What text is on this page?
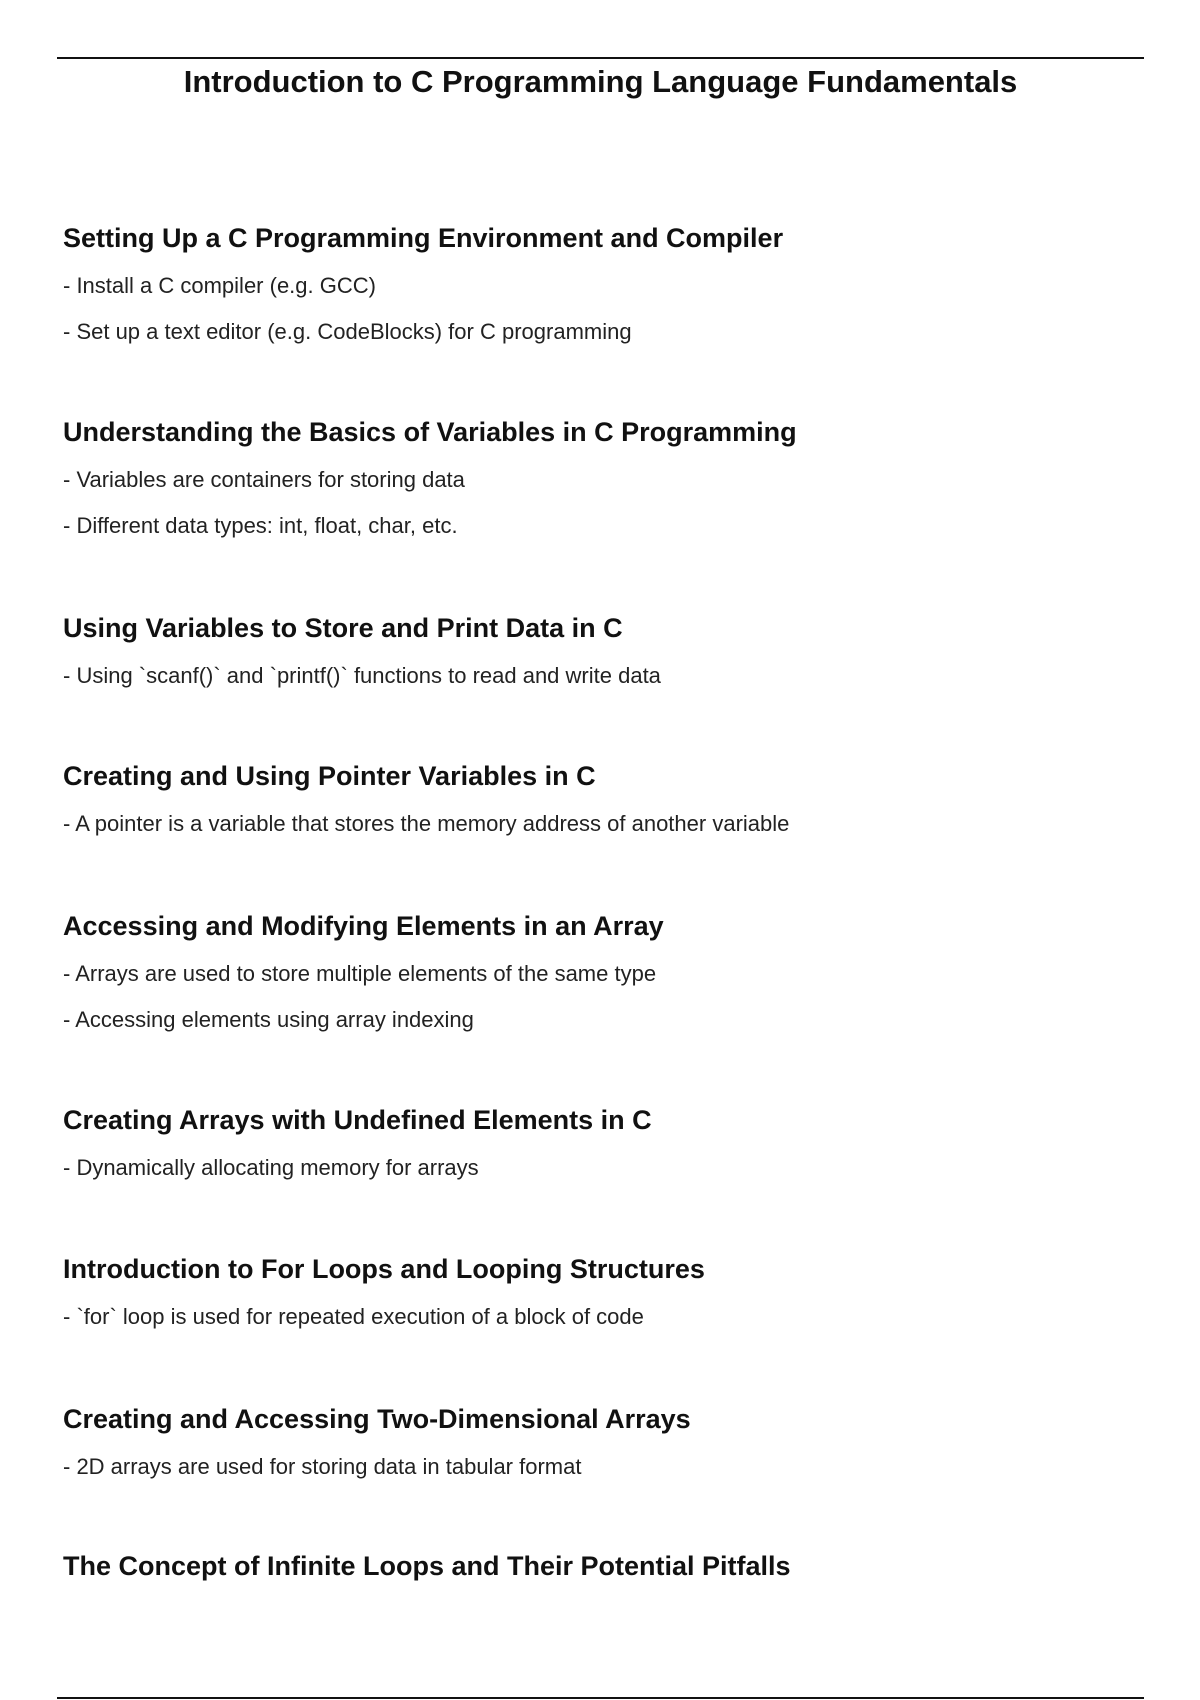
Introduction to C Programming Language Fundamentals
Setting Up a C Programming Environment and Compiler

- Install a C compiler (e.g. GCC)

- Set up a text editor (e.g. CodeBlocks) for C programming

Understanding the Basics of Variables in C Programming

- Variables are containers for storing data

- Different data types: int, float, char, etc.

Using Variables to Store and Print Data in C

- Using `scanf()` and `printf()` functions to read and write data

Creating and Using Pointer Variables in C

- A pointer is a variable that stores the memory address of another variable

Accessing and Modifying Elements in an Array

- Arrays are used to store multiple elements of the same type

- Accessing elements using array indexing

Creating Arrays with Undefined Elements in C

- Dynamically allocating memory for arrays

Introduction to For Loops and Looping Structures

- `for` loop is used for repeated execution of a block of code

Creating and Accessing Two-Dimensional Arrays

- 2D arrays are used for storing data in tabular format

The Concept of Infinite Loops and Their Potential Pitfalls
